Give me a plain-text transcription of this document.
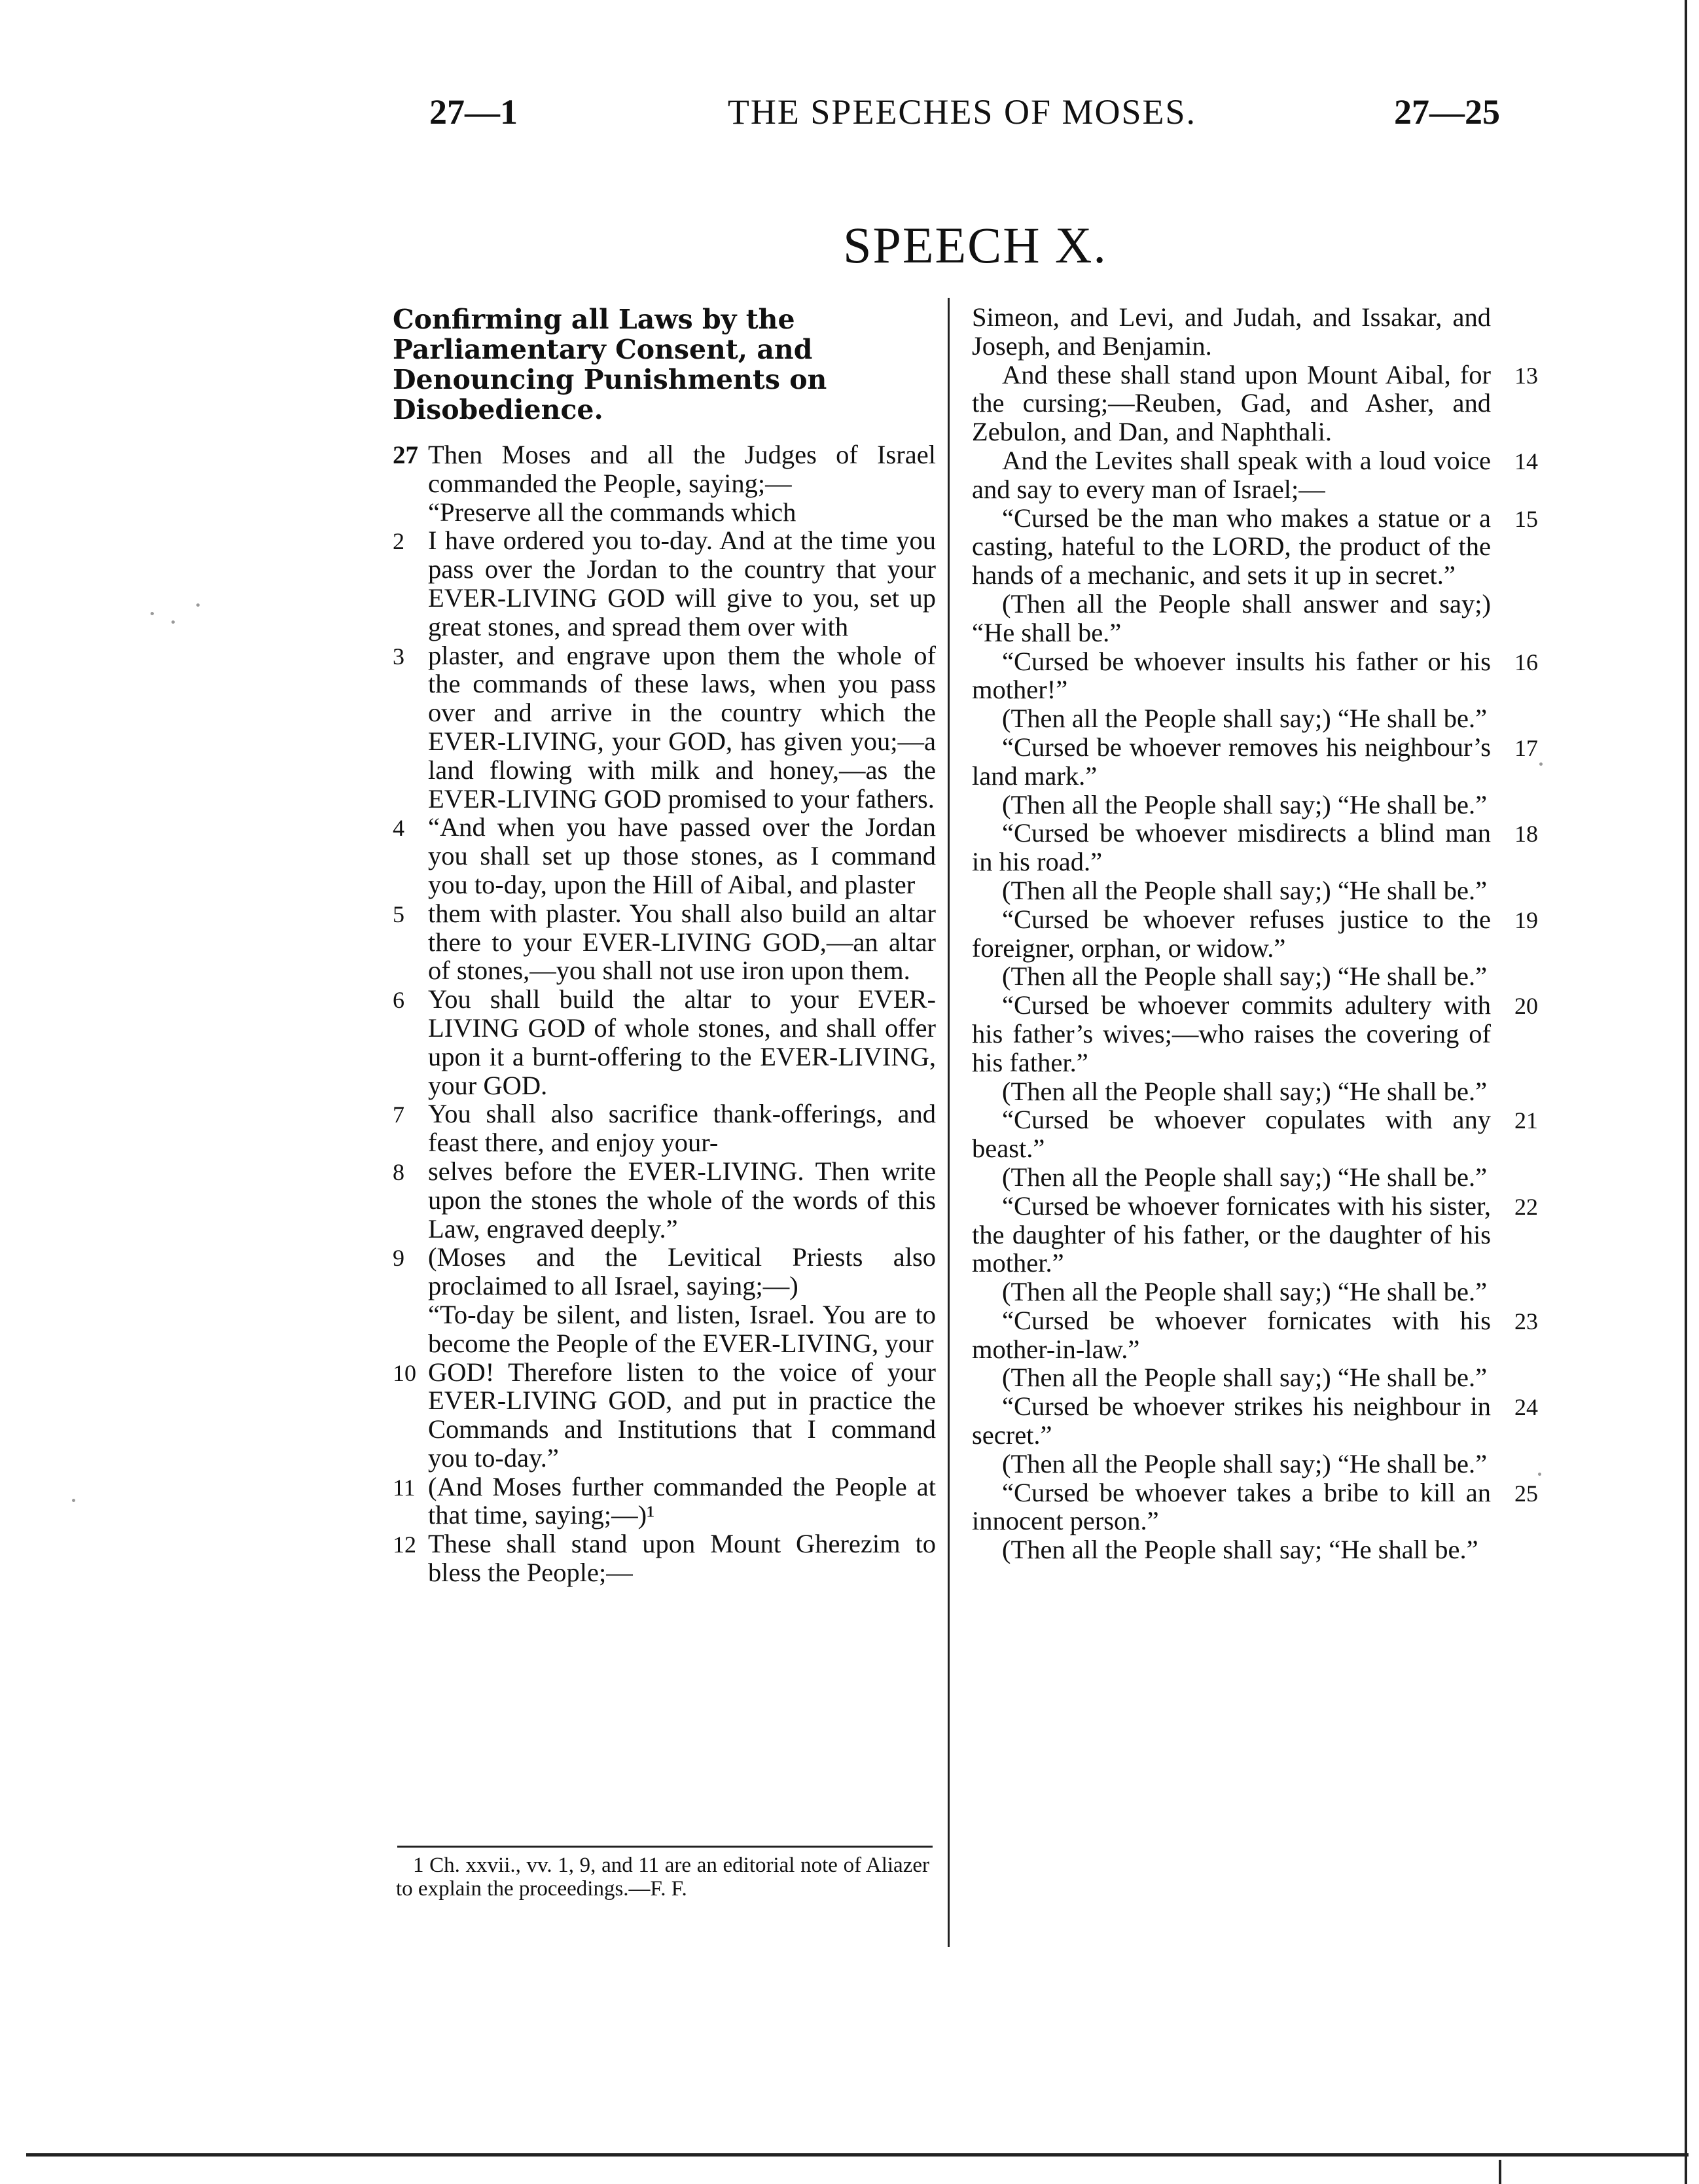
27—1	THE SPEECHES OF MOSES.	27—25
SPEECH X.
Confirming all Laws by the Parliamentary Consent, and Denouncing Punishments on Disobedience.
27 Then Moses and all the Judges of Israel commanded the People, saying;—
“Preserve all the commands which
2 I have ordered you to-day. And at the time you pass over the Jordan to the country that your EVER-LIVING GOD will give to you, set up great stones, and spread them over with
3 plaster, and engrave upon them the whole of the commands of these laws, when you pass over and arrive in the country which the EVER-LIVING, your GOD, has given you;—a land flowing with milk and honey,—as the EVER-LIVING GOD promised to your fathers.
4 “And when you have passed over the Jordan you shall set up those stones, as I command you to-day, upon the Hill of Aibal, and plaster
5 them with plaster. You shall also build an altar there to your EVER-LIVING GOD,—an altar of stones,—you shall not use iron upon them.
6 You shall build the altar to your EVER-LIVING GOD of whole stones, and shall offer upon it a burnt-offering to the EVER-LIVING, your GOD.
7 You shall also sacrifice thank-offerings, and feast there, and enjoy your-
8 selves before the EVER-LIVING. Then write upon the stones the whole of the words of this Law, engraved deeply.”
9 (Moses and the Levitical Priests also proclaimed to all Israel, saying;—)
“To-day be silent, and listen, Israel. You are to become the People of the EVER-LIVING, your
10 GOD! Therefore listen to the voice of your EVER-LIVING GOD, and put in practice the Commands and Institutions that I command you to-day.”
11 (And Moses further commanded the People at that time, saying;—)¹
12 These shall stand upon Mount Gherezim to bless the People;—
Simeon, and Levi, and Judah, and Issakar, and Joseph, and Benjamin.
And these shall stand upon Mount Aibal, for the cursing;—Reuben, Gad, and Asher, and Zebulon, and Dan, and Naphthali.
13
And the Levites shall speak with a loud voice and say to every man of Israel;—
14
“Cursed be the man who makes a statue or a casting, hateful to the LORD, the product of the hands of a mechanic, and sets it up in secret.”
15
(Then all the People shall answer and say;) “He shall be.”
“Cursed be whoever insults his father or his mother!”
16
(Then all the People shall say;) “He shall be.”
“Cursed be whoever removes his neighbour’s land mark.”
17
(Then all the People shall say;) “He shall be.”
“Cursed be whoever misdirects a blind man in his road.”
18
(Then all the People shall say;) “He shall be.”
“Cursed be whoever refuses justice to the foreigner, orphan, or widow.”
19
(Then all the People shall say;) “He shall be.”
“Cursed be whoever commits adultery with his father’s wives;—who raises the covering of his father.”
20
(Then all the People shall say;) “He shall be.”
“Cursed be whoever copulates with any beast.”
21
(Then all the People shall say;) “He shall be.”
“Cursed be whoever fornicates with his sister, the daughter of his father, or the daughter of his mother.”
22
(Then all the People shall say;) “He shall be.”
“Cursed be whoever fornicates with his mother-in-law.”
23
(Then all the People shall say;) “He shall be.”
“Cursed be whoever strikes his neighbour in secret.”
24
(Then all the People shall say;) “He shall be.”
“Cursed be whoever takes a bribe to kill an innocent person.”
25
(Then all the People shall say; “He shall be.”
1 Ch. xxvii., vv. 1, 9, and 11 are an editorial note of Aliazer to explain the proceedings.—F. F.
